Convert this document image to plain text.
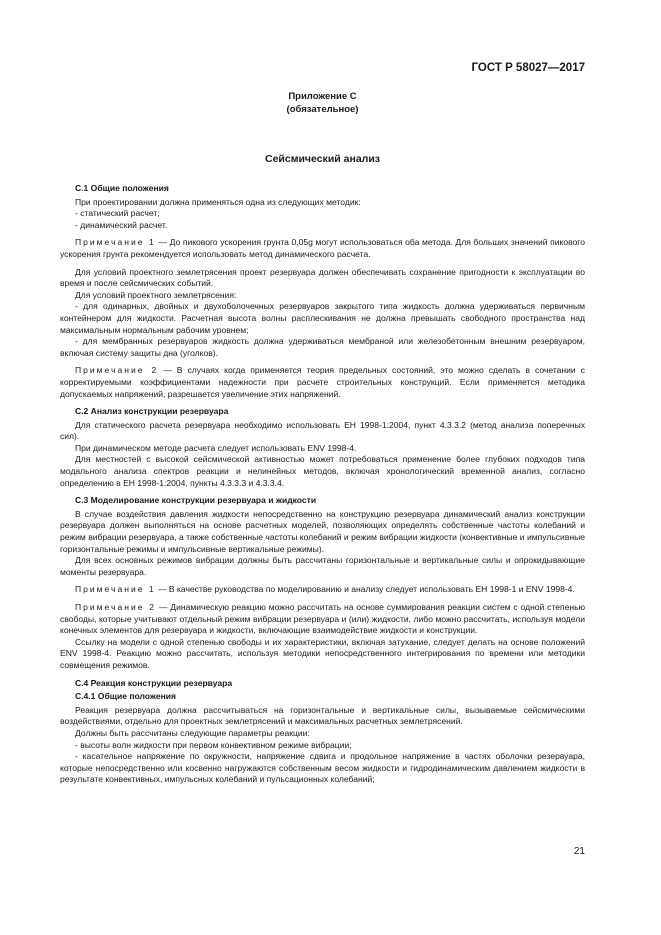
ГОСТ Р 58027—2017
Приложение С
(обязательное)
Сейсмический анализ
С.1 Общие положения

При проектировании должна применяться одна из следующих методик:

- статический расчет;

- динамический расчет.

Примечание 1 — До пикового ускорения грунта 0,05g могут использоваться оба метода. Для больших значений пикового ускорения грунта рекомендуется использовать метод динамического расчета.

Для условий проектного землетрясения проект резервуара должен обеспечивать сохранение пригодности к эксплуатации во время и после сейсмических событий.

Для условий проектного землетрясения:

- для одинарных, двойных и двухоболочечных резервуаров закрытого типа жидкость должна удерживаться первичным контейнером для жидкости. Расчетная высота волны расплескивания не должна превышать свободного пространства над максимальным нормальным рабочим уровнем;

- для мембранных резервуаров жидкость должна удерживаться мембраной или железобетонным внешним резервуаром, включая систему защиты дна (уголков).

Примечание 2 — В случаях когда применяется теория предельных состояний, это можно сделать в сочетании с корректируемыми коэффициентами надежности при расчете строительных конструкций. Если применяется методика допускаемых напряжений, разрешается увеличение этих напряжений.

С.2 Анализ конструкции резервуара

Для статического расчета резервуара необходимо использовать ЕН 1998-1:2004, пункт 4.3.3.2 (метод анализа поперечных сил).

При динамическом методе расчета следует использовать ENV 1998-4.

Для местностей с высокой сейсмической активностью может потребоваться применение более глубоких подходов типа модального анализа спектров реакции и нелинейных методов, включая хронологический временной анализ, согласно определению в ЕН 1998-1:2004, пункты 4.3.3.3 и 4.3.3.4.

С.3 Моделирование конструкции резервуара и жидкости

В случае воздействия давления жидкости непосредственно на конструкцию резервуара динамический анализ конструкции резервуара должен выполняться на основе расчетных моделей, позволяющих определять собственные частоты колебаний и режим вибрации резервуара, а также собственные частоты колебаний и режим вибрации жидкости (конвективные и импульсивные горизонтальные режимы и импульсивные вертикальные режимы).

Для всех основных режимов вибрации должны быть рассчитаны горизонтальные и вертикальные силы и опрокидывающие моменты резервуара.

Примечание 1 — В качестве руководства по моделированию и анализу следует использовать ЕН 1998-1 и ENV 1998-4.

Примечание 2 — Динамическую реакцию можно рассчитать на основе суммирования реакции систем с одной степенью свободы, которые учитывают отдельный режим вибрации резервуара и (или) жидкости, либо можно рассчитать, используя модели конечных элементов для резервуара и жидкости, включающие взаимодействие жидкости и конструкции.

Ссылку на модели с одной степенью свободы и их характеристики, включая затухание, следует делать на основе положений ENV 1998-4. Реакцию можно рассчитать, используя методики непосредственного интегрирования по времени или методики совмещения режимов.

С.4 Реакция конструкции резервуара
С.4.1 Общие положения

Реакция резервуара должна рассчитываться на горизонтальные и вертикальные силы, вызываемые сейсмическими воздействиями, отдельно для проектных землетрясений и максимальных расчетных землетрясений.

Должны быть рассчитаны следующие параметры реакции:

- высоты волн жидкости при первом конвективном режиме вибрации;

- касательное напряжение по окружности, напряжение сдвига и продольное напряжение в частях оболочки резервуара, которые непосредственно или косвенно нагружаются собственным весом жидкости и гидродинамическим давлением жидкости в результате конвективных, импульсных колебаний и пульсационных колебаний;

21
